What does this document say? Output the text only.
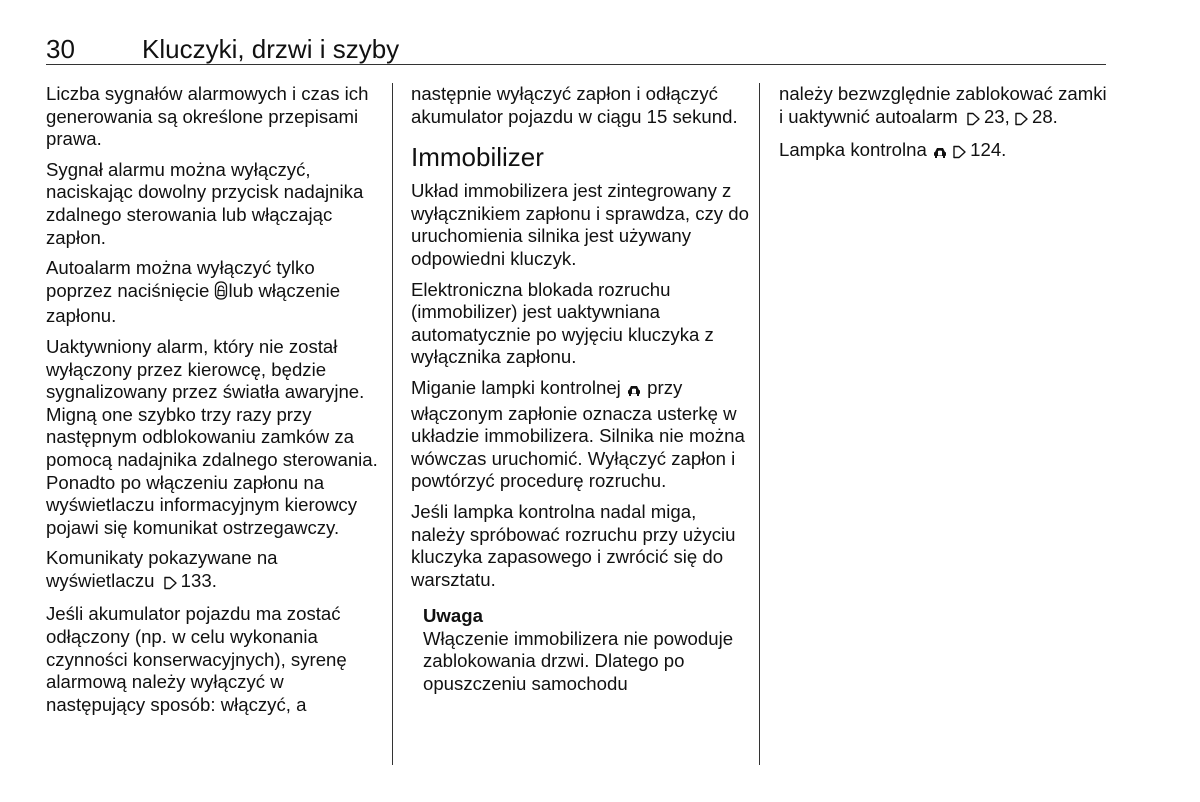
30	Kluczyki, drzwi i szyby

Liczba sygnałów alarmowych i czas ich generowania są określone przepisami prawa.

Sygnał alarmu można wyłączyć, naciskając dowolny przycisk nadajnika zdalnego sterowania lub włączając zapłon.

Autoalarm można wyłączyć tylko poprzez naciśnięcie lub włączenie zapłonu.

Uaktywniony alarm, który nie został wyłączony przez kierowcę, będzie sygnalizowany przez światła awaryjne. Migną one szybko trzy razy przy następnym odblokowaniu zamków za pomocą nadajnika zdalnego sterowania. Ponadto po włączeniu zapłonu na wyświetlaczu informacyjnym kierowcy pojawi się komunikat ostrzegawczy.

Komunikaty pokazywane na wyświetlaczu 133.

Jeśli akumulator pojazdu ma zostać odłączony (np. w celu wykonania czynności konserwacyjnych), syrenę alarmową należy wyłączyć w następujący sposób: włączyć, a

następnie wyłączyć zapłon i odłączyć akumulator pojazdu w ciągu 15 sekund.

Immobilizer

Układ immobilizera jest zintegrowany z wyłącznikiem zapłonu i sprawdza, czy do uruchomienia silnika jest używany odpowiedni kluczyk.

Elektroniczna blokada rozruchu (immobilizer) jest uaktywniana automatycznie po wyjęciu kluczyka z wyłącznika zapłonu.

Miganie lampki kontrolnej przy włączonym zapłonie oznacza usterkę w układzie immobilizera. Silnika nie można wówczas uruchomić. Wyłączyć zapłon i powtórzyć procedurę rozruchu.

Jeśli lampka kontrolna nadal miga, należy spróbować rozruchu przy użyciu kluczyka zapasowego i zwrócić się do warsztatu.

Uwaga
Włączenie immobilizera nie powoduje zablokowania drzwi. Dlatego po opuszczeniu samochodu

należy bezwzględnie zablokować zamki i uaktywnić autoalarm 23, 28.

Lampka kontrolna 124.
